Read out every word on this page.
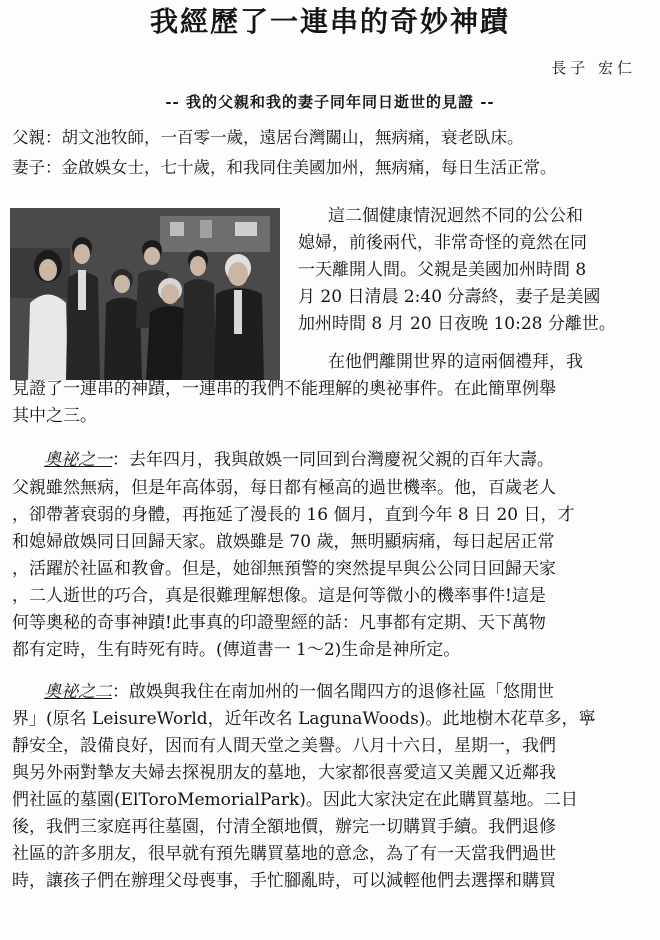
我經歷了一連串的奇妙神蹟
長子 宏仁
-- 我的父親和我的妻子同年同日逝世的見證 --
父親：胡文池牧師，一百零一歲，遠居台灣關山，無病痛，衰老臥床。
妻子：金啟娛女士，七十歲，和我同住美國加州，無病痛，每日生活正常。
這二個健康情況迥然不同的公公和
媳婦，前後兩代，非常奇怪的竟然在同
一天離開人間。父親是美國加州時間 8
月 20 日清晨 2:40 分壽終，妻子是美國
加州時間 8 月 20 日夜晚 10:28 分離世。
在他們離開世界的這兩個禮拜，我
見證了一連串的神蹟，一連串的我們不能理解的奧祕事件。在此簡單例舉
其中之三。
奧祕之一：去年四月，我與啟娛一同回到台灣慶祝父親的百年大壽。
父親雖然無病，但是年高体弱，每日都有極高的過世機率。他，百歲老人
，卻帶著衰弱的身體，再拖延了漫長的 16 個月，直到今年 8 日 20 日，才
和媳婦啟娛同日回歸天家。啟娛雖是 70 歲，無明顯病痛，每日起居正常
，活躍於社區和教會。但是，她卻無預警的突然提早與公公同日回歸天家
，二人逝世的巧合，真是很難理解想像。這是何等微小的機率事件!這是
何等奧秘的奇事神蹟!此事真的印證聖經的話：凡事都有定期、天下萬物
都有定時，生有時死有時。(傳道書一 1～2)生命是神所定。
奧祕之二：啟娛與我住在南加州的一個名聞四方的退修社區「悠閒世
界」(原名 LeisureWorld，近年改名 LagunaWoods)。此地樹木花草多，寧
靜安全，設備良好，因而有人間天堂之美譽。八月十六日，星期一，我們
與另外兩對摯友夫婦去探視朋友的墓地，大家都很喜愛這又美麗又近鄰我
們社區的墓園(ElToroMemorialPark)。因此大家決定在此購買墓地。二日
後，我們三家庭再往墓園，付清全額地價，辦完一切購買手續。我們退修
社區的許多朋友，很早就有預先購買墓地的意念，為了有一天當我們過世
時，讓孩子們在辦理父母喪事，手忙腳亂時，可以減輕他們去選擇和購買
